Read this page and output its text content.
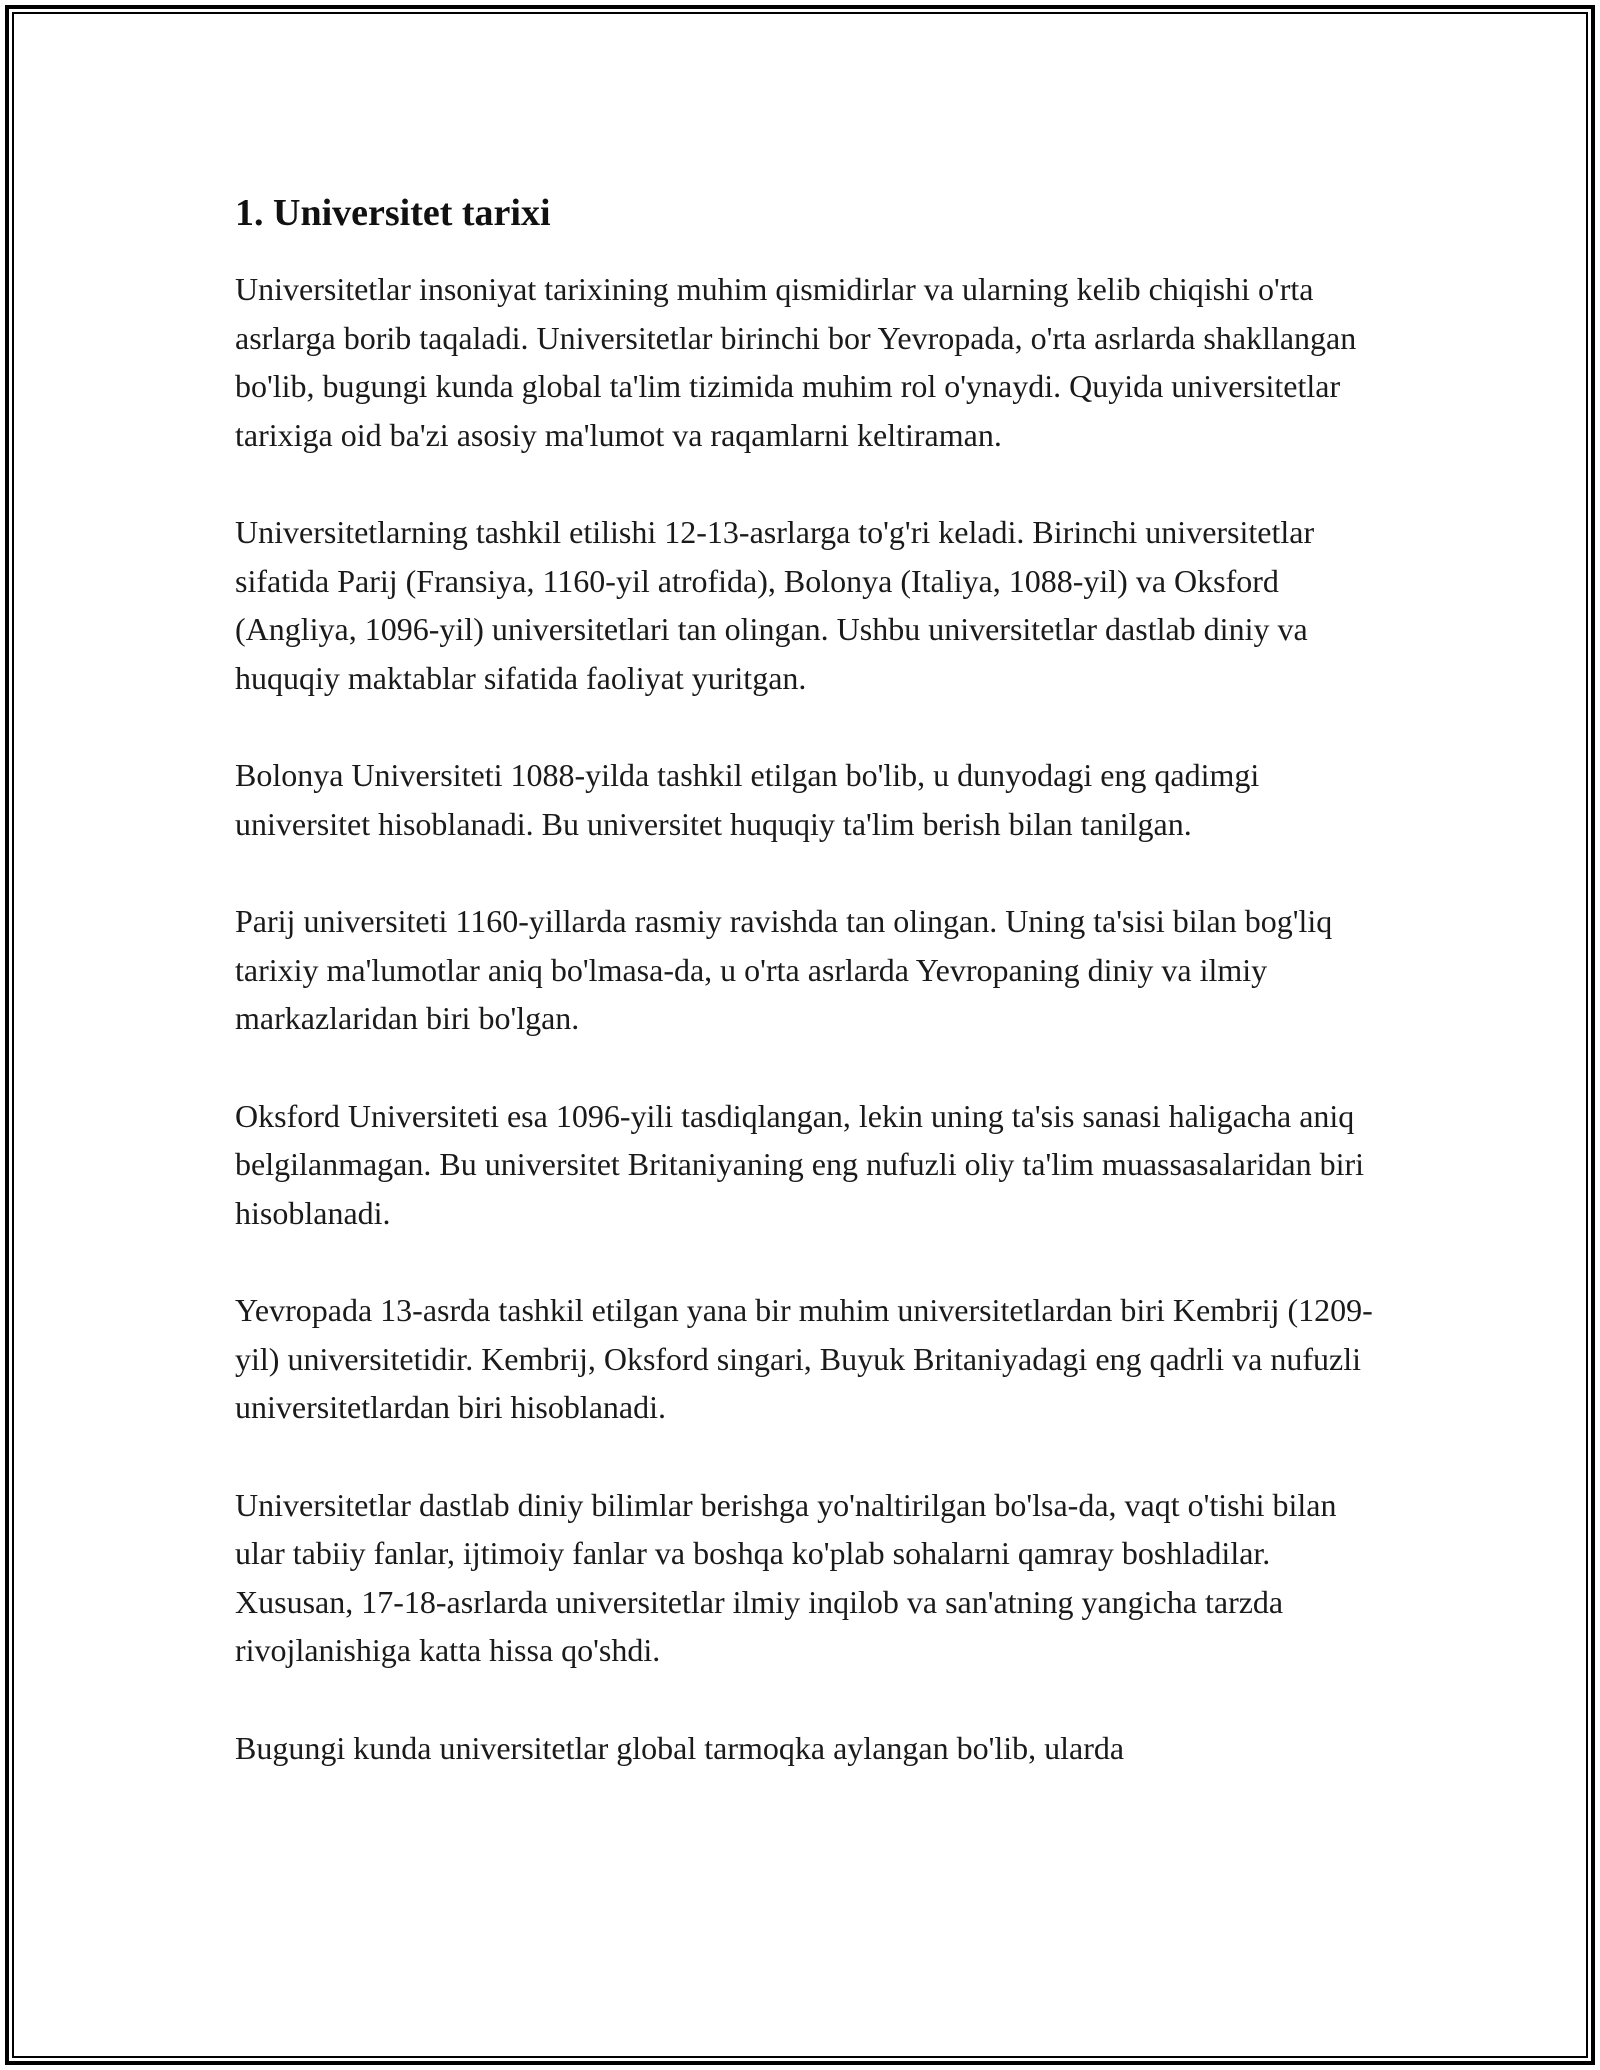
1. Universitet tarixi

Universitetlar insoniyat tarixining muhim qismidirlar va ularning kelib chiqishi o'rta asrlarga borib taqaladi. Universitetlar birinchi bor Yevropada, o'rta asrlarda shakllangan bo'lib, bugungi kunda global ta'lim tizimida muhim rol o'ynaydi. Quyida universitetlar tarixiga oid ba'zi asosiy ma'lumot va raqamlarni keltiraman.

Universitetlarning tashkil etilishi 12-13-asrlarga to'g'ri keladi. Birinchi universitetlar sifatida Parij (Fransiya, 1160-yil atrofida), Bolonya (Italiya, 1088-yil) va Oksford (Angliya, 1096-yil) universitetlari tan olingan. Ushbu universitetlar dastlab diniy va huquqiy maktablar sifatida faoliyat yuritgan.

Bolonya Universiteti 1088-yilda tashkil etilgan bo'lib, u dunyodagi eng qadimgi universitet hisoblanadi. Bu universitet huquqiy ta'lim berish bilan tanilgan.

Parij universiteti 1160-yillarda rasmiy ravishda tan olingan. Uning ta'sisi bilan bog'liq tarixiy ma'lumotlar aniq bo'lmasa-da, u o'rta asrlarda Yevropaning diniy va ilmiy markazlaridan biri bo'lgan.

Oksford Universiteti esa 1096-yili tasdiqlangan, lekin uning ta'sis sanasi haligacha aniq belgilanmagan. Bu universitet Britaniyaning eng nufuzli oliy ta'lim muassasalaridan biri hisoblanadi.

Yevropada 13-asrda tashkil etilgan yana bir muhim universitetlardan biri Kembrij (1209-yil) universitetidir. Kembrij, Oksford singari, Buyuk Britaniyadagi eng qadrli va nufuzli universitetlardan biri hisoblanadi.

Universitetlar dastlab diniy bilimlar berishga yo'naltirilgan bo'lsa-da, vaqt o'tishi bilan ular tabiiy fanlar, ijtimoiy fanlar va boshqa ko'plab sohalarni qamray boshladilar. Xususan, 17-18-asrlarda universitetlar ilmiy inqilob va san'atning yangicha tarzda rivojlanishiga katta hissa qo'shdi.

Bugungi kunda universitetlar global tarmoqka aylangan bo'lib, ularda
